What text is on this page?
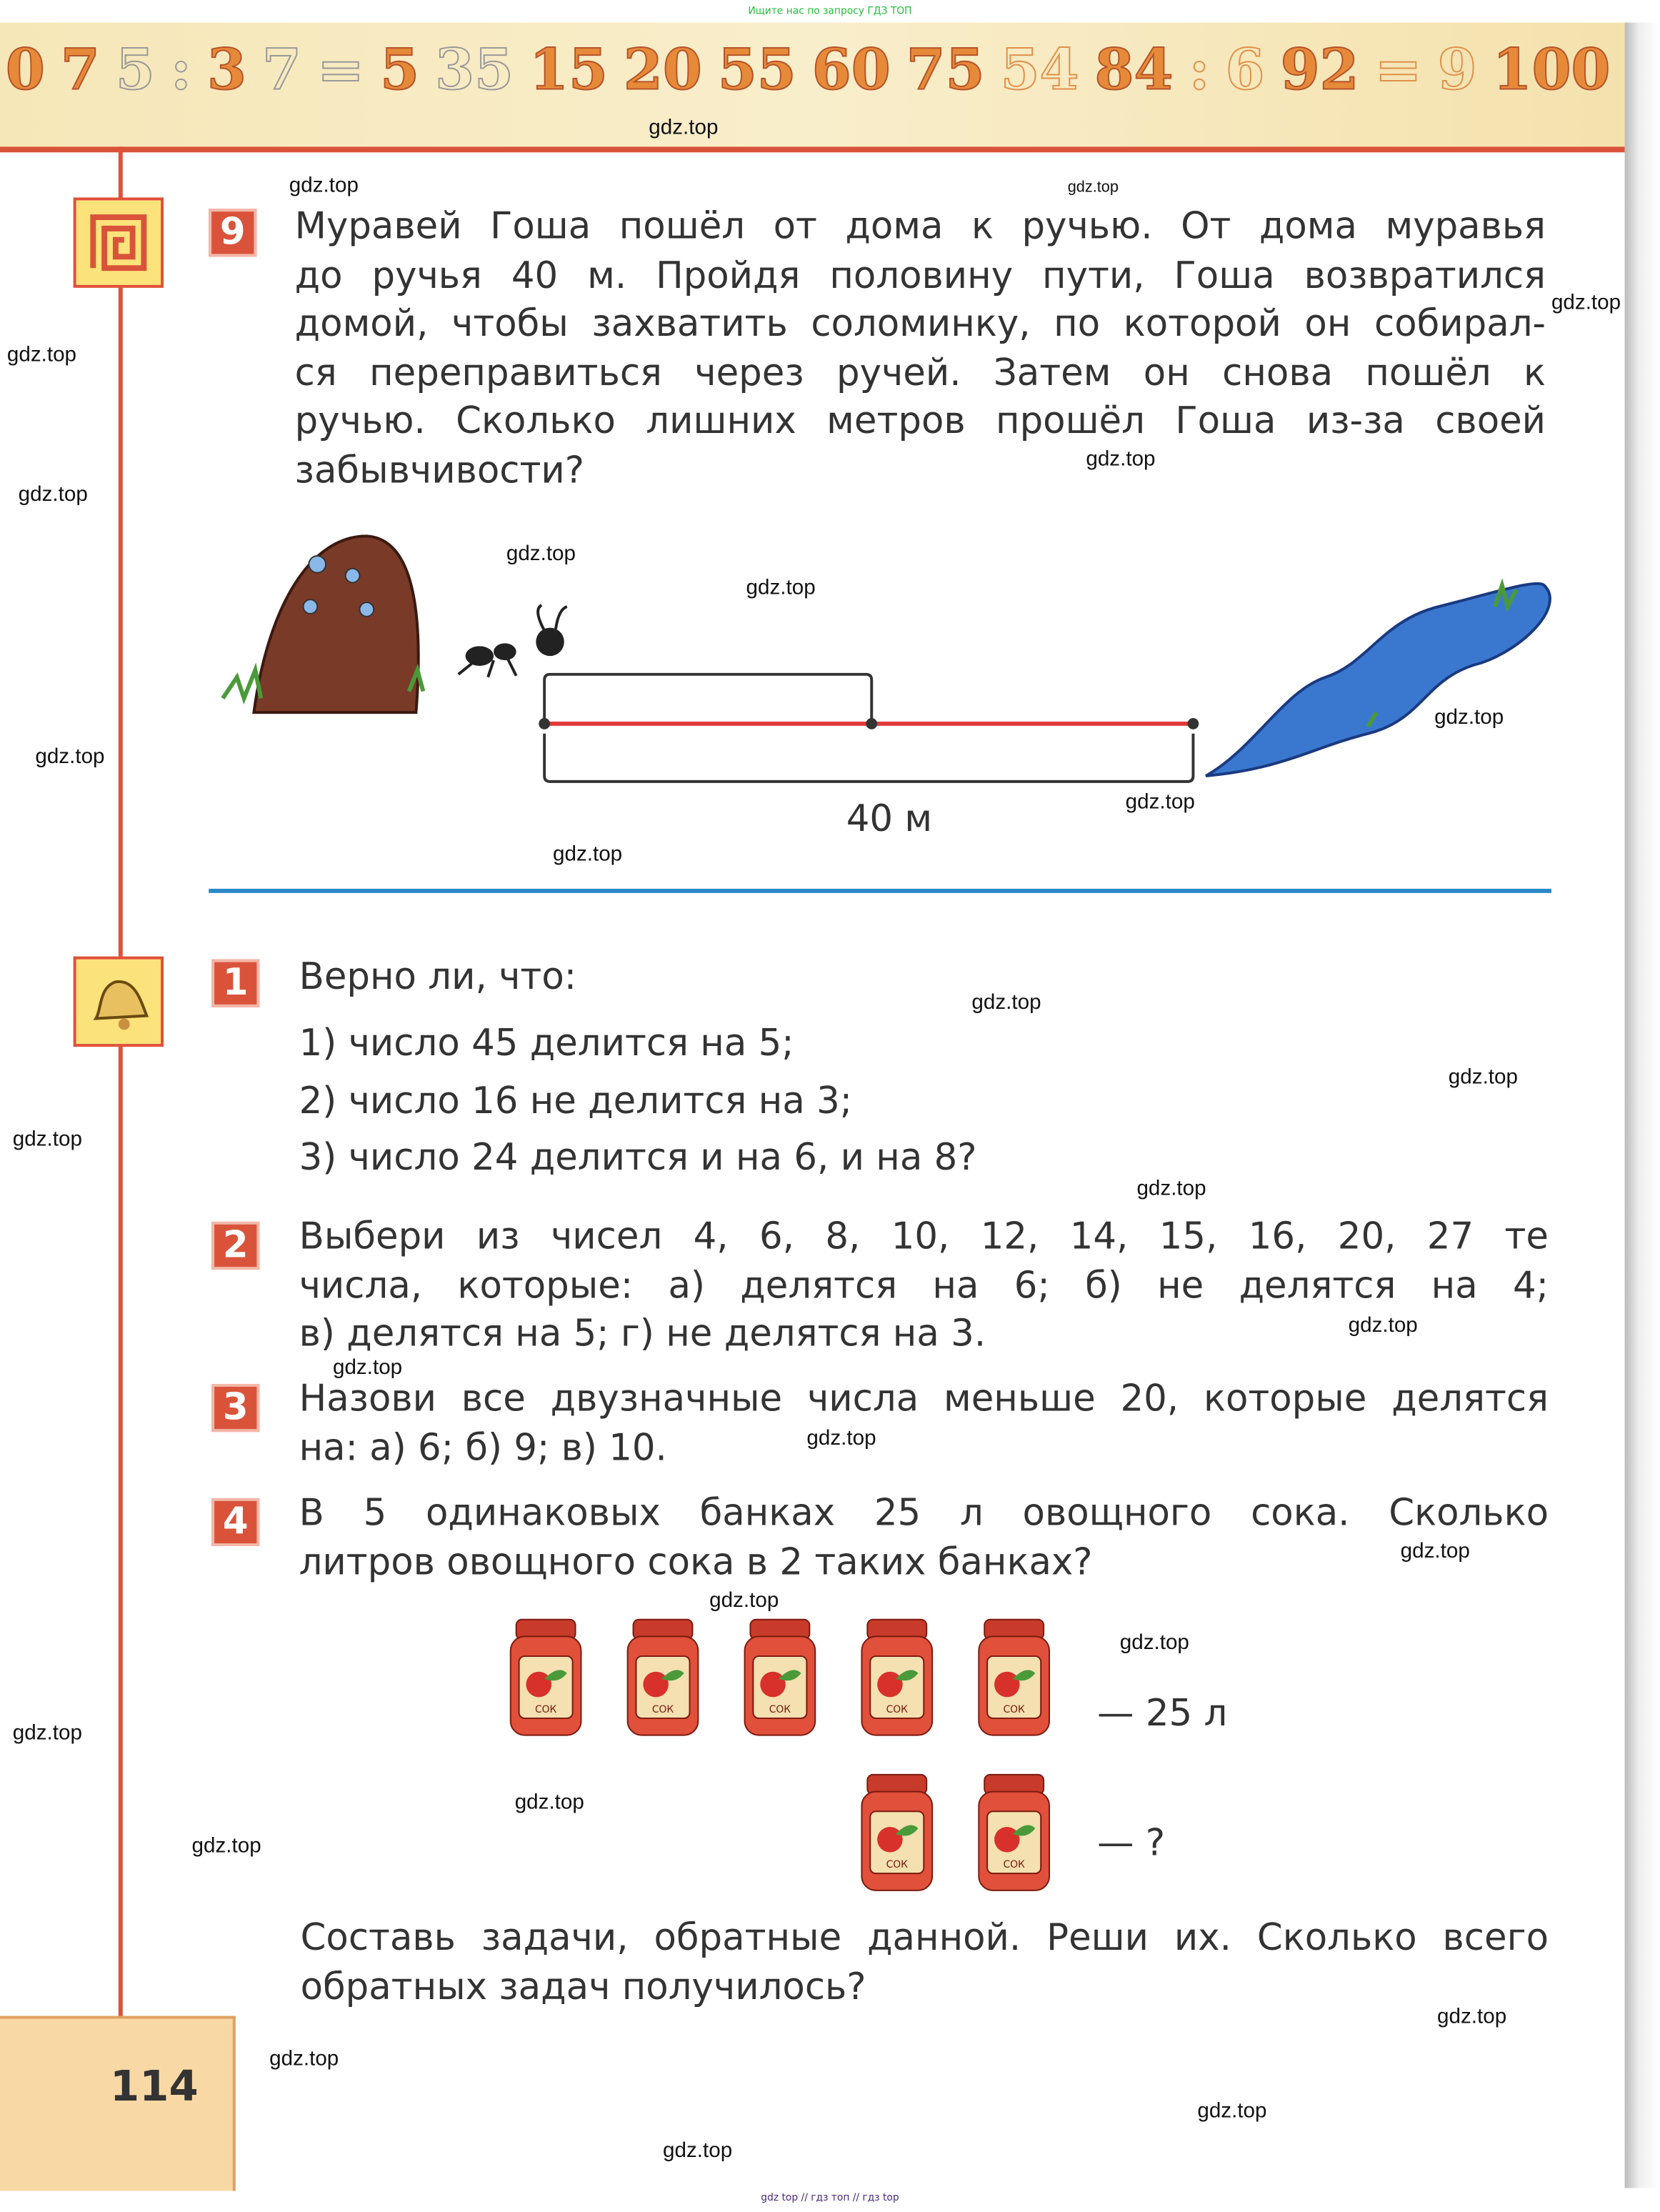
Ищите нас по запросу ГДЗ ТОП
0 7 5 : 3 7 = 5 35 15 20 55 60 75 54 84 : 6 92 = 9 100
114
9	Муравей Гоша пошёл от дома к ручью. От дома муравья
до ручья 40 м. Пройдя половину пути, Гоша возвратился
домой, чтобы захватить соломинку, по которой он собирал-
ся переправиться через ручей. Затем он снова пошёл к
ручью. Сколько лишних метров прошёл Гоша из-за своей
забывчивости?
40 м
1	Верно ли, что:
1) число 45 делится на 5;
2) число 16 не делится на 3;
3) число 24 делится и на 6, и на 8?
2	Выбери из чисел 4, 6, 8, 10, 12, 14, 15, 16, 20, 27 те
числа, которые: а) делятся на 6; б) не делятся на 4;
в) делятся на 5; г) не делятся на 3.
3	Назови все двузначные числа меньше 20, которые делятся
на: а) 6; б) 9; в) 10.
4	В 5 одинаковых банках 25 л овощного сока. Сколько
литров овощного сока в 2 таких банках?
СОК	СОК	СОК	СОК	СОК	— 25 л
СОК	СОК	— ?
Составь задачи, обратные данной. Реши их. Сколько всего
обратных задач получилось?
gdz.top
gdz.top	gdz.top
gdz.top
gdz.top
gdz.top
gdz.top
gdz.top
gdz.top
gdz.top
gdz.top
gdz.top
gdz.top
gdz.top
gdz.top
gdz.top
gdz.top
gdz.top
gdz.top
gdz.top
gdz.top
gdz.top
gdz.top
gdz.top
gdz.top
gdz.top
gdz.top
gdz.top
gdz.top
gdz.top
gdz top // гдз топ // гдз top
